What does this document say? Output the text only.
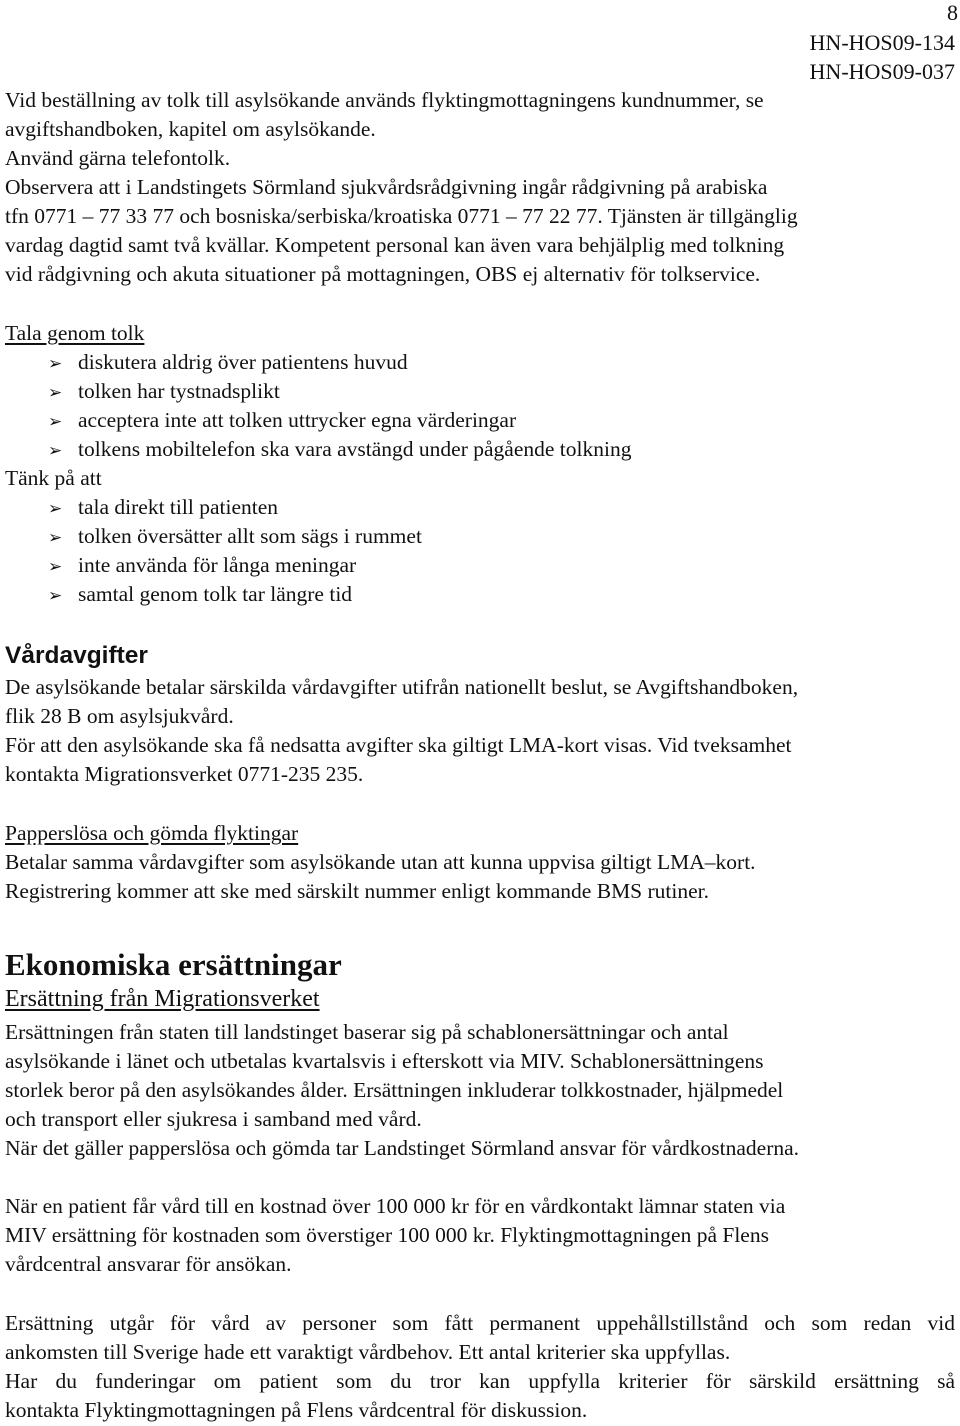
8
HN-HOS09-134
HN-HOS09-037
Vid beställning av tolk till asylsökande används flyktingmottagningens kundnummer, se
avgiftshandboken, kapitel om asylsökande.
Använd gärna telefontolk.
Observera att i Landstingets Sörmland sjukvårdsrådgivning ingår rådgivning på arabiska
tfn 0771 – 77 33 77 och bosniska/serbiska/kroatiska 0771 – 77 22 77. Tjänsten är tillgänglig
vardag dagtid samt två kvällar. Kompetent personal kan även vara behjälplig med tolkning
vid rådgivning och akuta situationer på mottagningen, OBS ej alternativ för tolkservice.
Tala genom tolk
➢ diskutera aldrig över patientens huvud
➢ tolken har tystnadsplikt
➢ acceptera inte att tolken uttrycker egna värderingar
➢ tolkens mobiltelefon ska vara avstängd under pågående tolkning
Tänk på att
➢ tala direkt till patienten
➢ tolken översätter allt som sägs i rummet
➢ inte använda för långa meningar
➢ samtal genom tolk tar längre tid
Vårdavgifter
De asylsökande betalar särskilda vårdavgifter utifrån nationellt beslut, se Avgiftshandboken,
flik 28 B om asylsjukvård.
För att den asylsökande ska få nedsatta avgifter ska giltigt LMA-kort visas. Vid tveksamhet
kontakta Migrationsverket 0771-235 235.
Papperslösa och gömda flyktingar
Betalar samma vårdavgifter som asylsökande utan att kunna uppvisa giltigt LMA–kort.
Registrering kommer att ske med särskilt nummer enligt kommande BMS rutiner.
Ekonomiska ersättningar
Ersättning från Migrationsverket
Ersättningen från staten till landstinget baserar sig på schablonersättningar och antal
asylsökande i länet och utbetalas kvartalsvis i efterskott via MIV. Schablonersättningens
storlek beror på den asylsökandes ålder. Ersättningen inkluderar tolkkostnader, hjälpmedel
och transport eller sjukresa i samband med vård.
När det gäller papperslösa och gömda tar Landstinget Sörmland ansvar för vårdkostnaderna.
När en patient får vård till en kostnad över 100 000 kr för en vårdkontakt lämnar staten via
MIV ersättning för kostnaden som överstiger 100 000 kr. Flyktingmottagningen på Flens
vårdcentral ansvarar för ansökan.
Ersättning utgår för vård av personer som fått permanent uppehållstillstånd och som redan vid
ankomsten till Sverige hade ett varaktigt vårdbehov. Ett antal kriterier ska uppfyllas.
Har du funderingar om patient som du tror kan uppfylla kriterier för särskild ersättning så
kontakta Flyktingmottagningen på Flens vårdcentral för diskussion.
